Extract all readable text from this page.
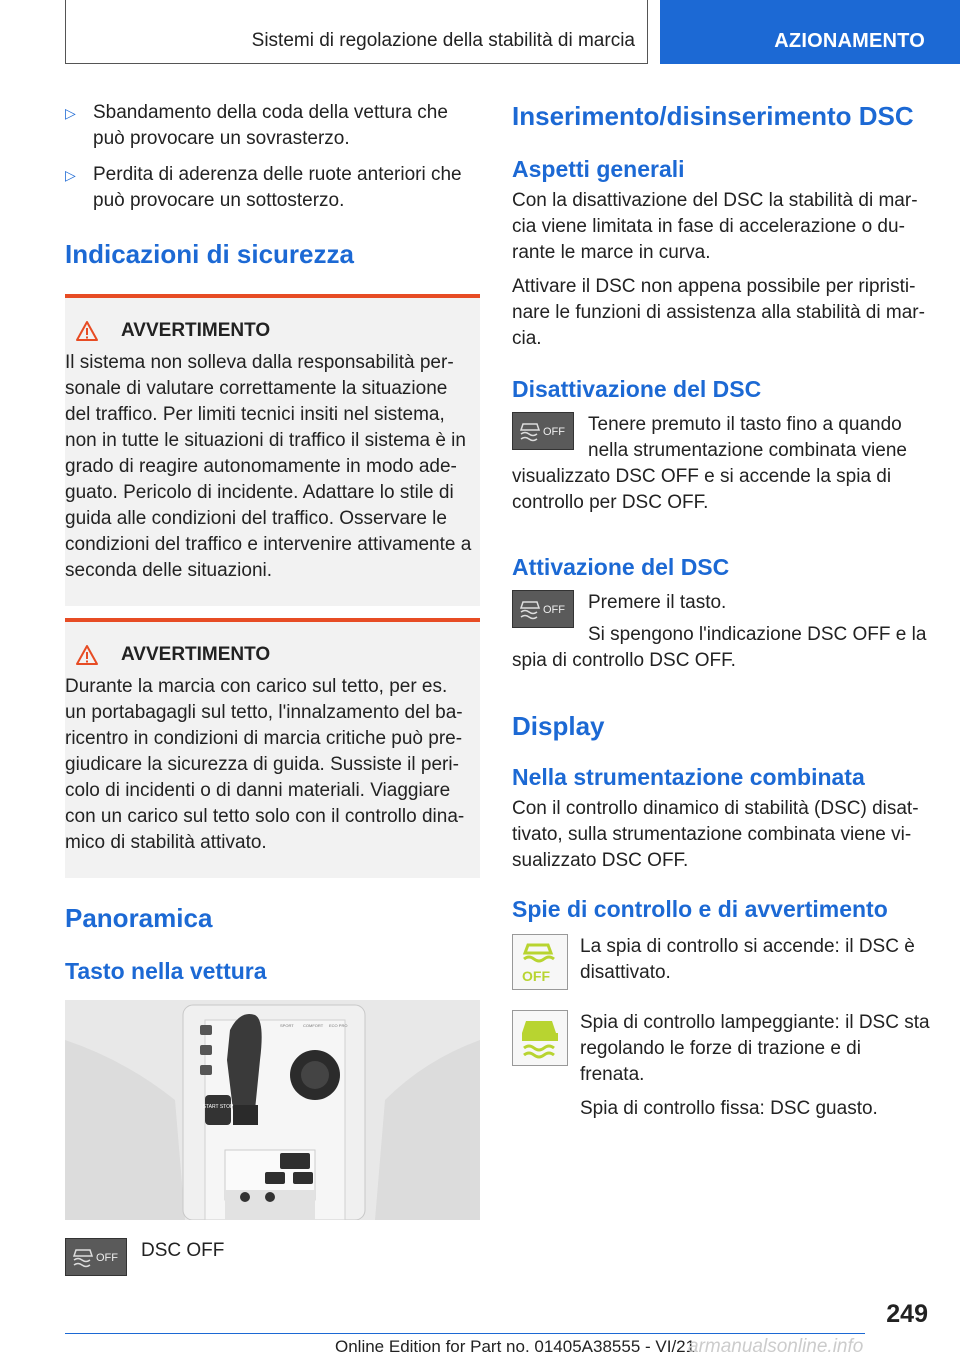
Sistemi di regolazione della stabilità di marcia	AZIONAMENTO
▷ Sbandamento della coda della vettura che può provocare un sovrasterzo.

▷ Perdita di aderenza delle ruote anteriori che può provocare un sottosterzo.

Indicazioni di sicurezza
AVVERTIMENTO

Il sistema non solleva dalla responsabilità personale di valutare correttamente la situazione del traffico. Per limiti tecnici insiti nel sistema, non in tutte le situazioni di traffico il sistema è in grado di reagire autonomamente in modo adeguato. Pericolo di incidente. Adattare lo stile di guida alle condizioni del traffico. Osservare le condizioni del traffico e intervenire attivamente a seconda delle situazioni.

AVVERTIMENTO

Durante la marcia con carico sul tetto, per es. un portabagagli sul tetto, l'innalzamento del baricentro in condizioni di marcia critiche può pregiudicare la sicurezza di guida. Sussiste il pericolo di incidenti o di danni materiali. Viaggiare con un carico sul tetto solo con il controllo dinamico di stabilità attivato.

Panoramica
Tasto nella vettura
START STOP
SPORT COMFORT ECO PRO
OFF	DSC OFF

Inserimento/disinserimento DSC
Aspetti generali

Con la disattivazione del DSC la stabilità di marcia viene limitata in fase di accelerazione o durante le marce in curva.

Attivare il DSC non appena possibile per ripristinare le funzioni di assistenza alla stabilità di marcia.

Disattivazione del DSC
OFF	Tenere premuto il tasto fino a quando nella strumentazione combinata viene visualizzato DSC OFF e si accende la spia di controllo per DSC OFF.

Attivazione del DSC
OFF	Premere il tasto.

Si spengono l'indicazione DSC OFF e la spia di controllo DSC OFF.

Display
Nella strumentazione combinata

Con il controllo dinamico di stabilità (DSC) disattivato, sulla strumentazione combinata viene visualizzato DSC OFF.

Spie di controllo e di avvertimento
OFF

La spia di controllo si accende: il DSC è disattivato.

Spia di controllo lampeggiante: il DSC sta regolando le forze di trazione e di frenata.

Spia di controllo fissa: DSC guasto.

249
Online Edition for Part no. 01405A38555 - VI/21
armanualsonline.info
